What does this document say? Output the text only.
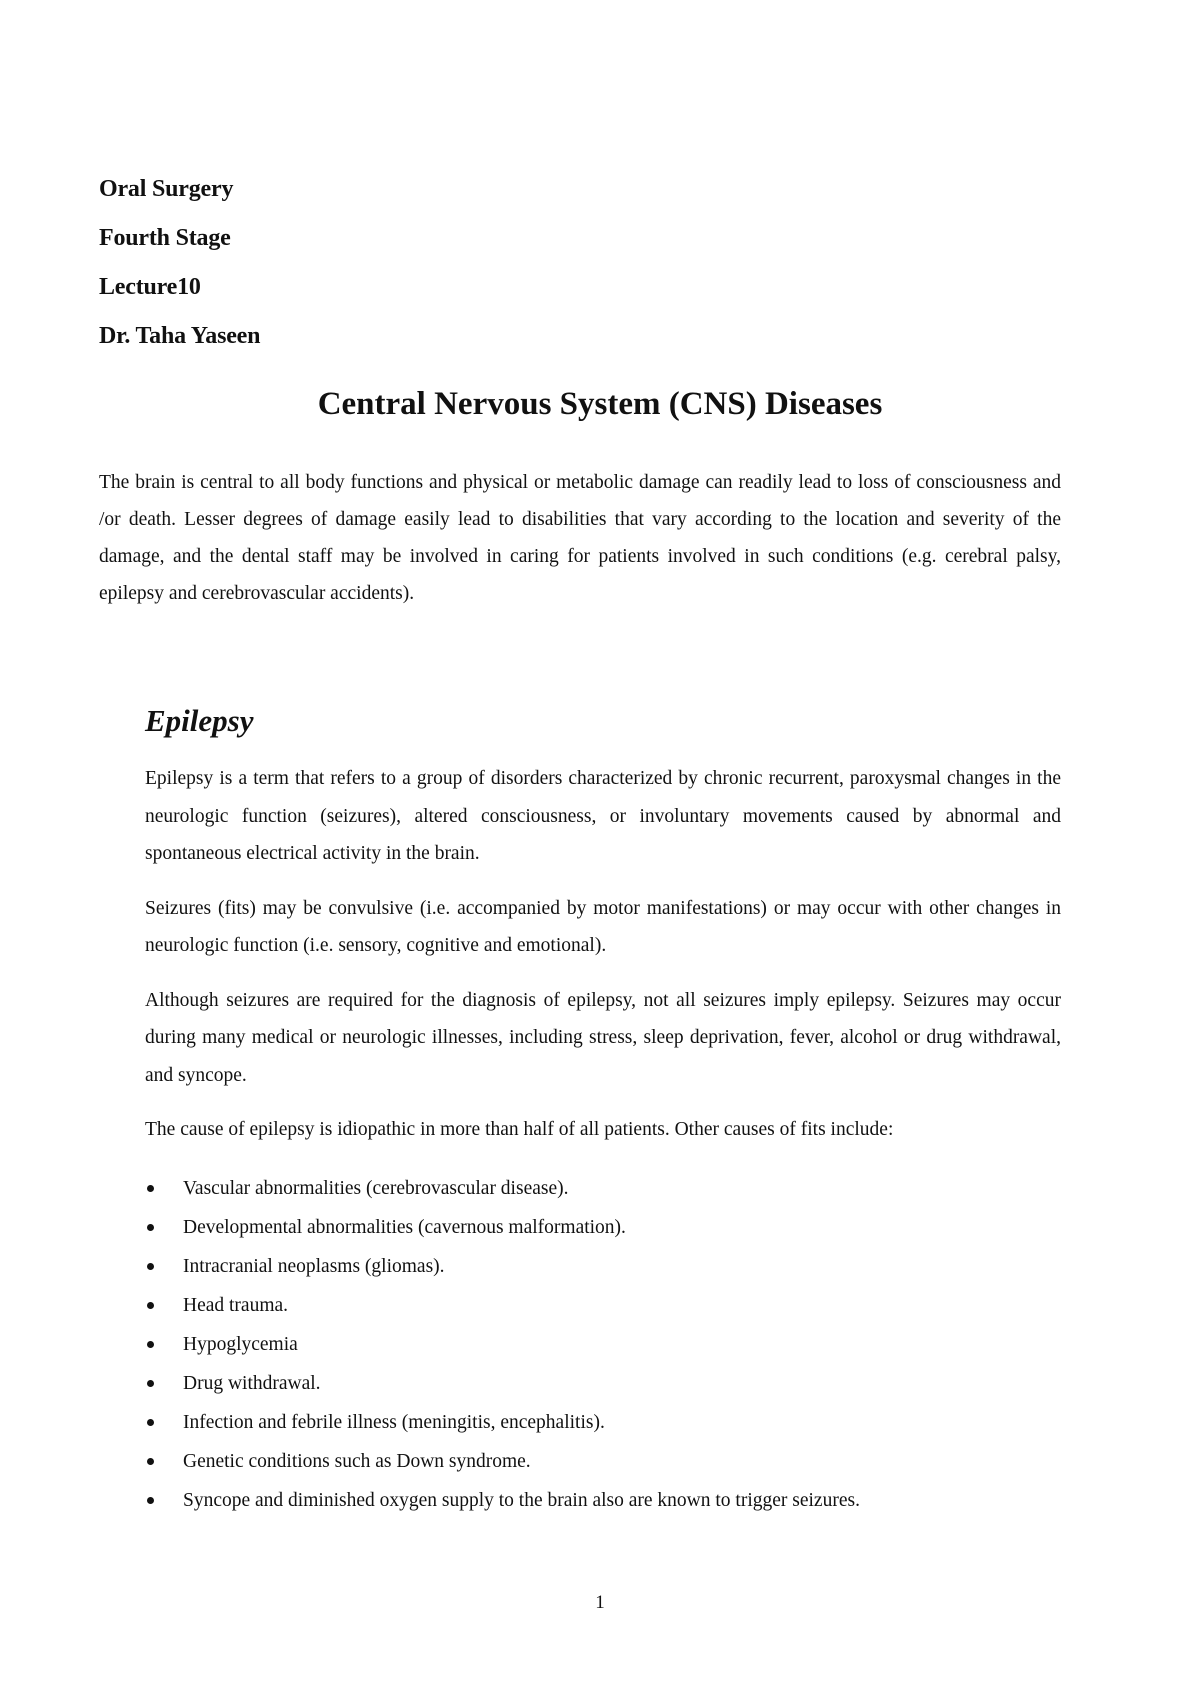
Oral Surgery

Fourth Stage

Lecture10

Dr. Taha Yaseen

Central Nervous System (CNS) Diseases

The brain is central to all body functions and physical or metabolic damage can readily lead to loss of consciousness and /or death. Lesser degrees of damage easily lead to disabilities that vary according to the location and severity of the damage, and the dental staff may be involved in caring for patients involved in such conditions (e.g. cerebral palsy, epilepsy and cerebrovascular accidents).

Epilepsy

Epilepsy is a term that refers to a group of disorders characterized by chronic recurrent, paroxysmal changes in the neurologic function (seizures), altered consciousness, or involuntary movements caused by abnormal and spontaneous electrical activity in the brain.

Seizures (fits) may be convulsive (i.e. accompanied by motor manifestations) or may occur with other changes in neurologic function (i.e. sensory, cognitive and emotional).

Although seizures are required for the diagnosis of epilepsy, not all seizures imply epilepsy. Seizures may occur during many medical or neurologic illnesses, including stress, sleep deprivation, fever, alcohol or drug withdrawal, and syncope.

The cause of epilepsy is idiopathic in more than half of all patients. Other causes of fits include:

Vascular abnormalities (cerebrovascular disease).
Developmental abnormalities (cavernous malformation).
Intracranial neoplasms (gliomas).
Head trauma.
Hypoglycemia
Drug withdrawal.
Infection and febrile illness (meningitis, encephalitis).
Genetic conditions such as Down syndrome.
Syncope and diminished oxygen supply to the brain also are known to trigger seizures.
1
